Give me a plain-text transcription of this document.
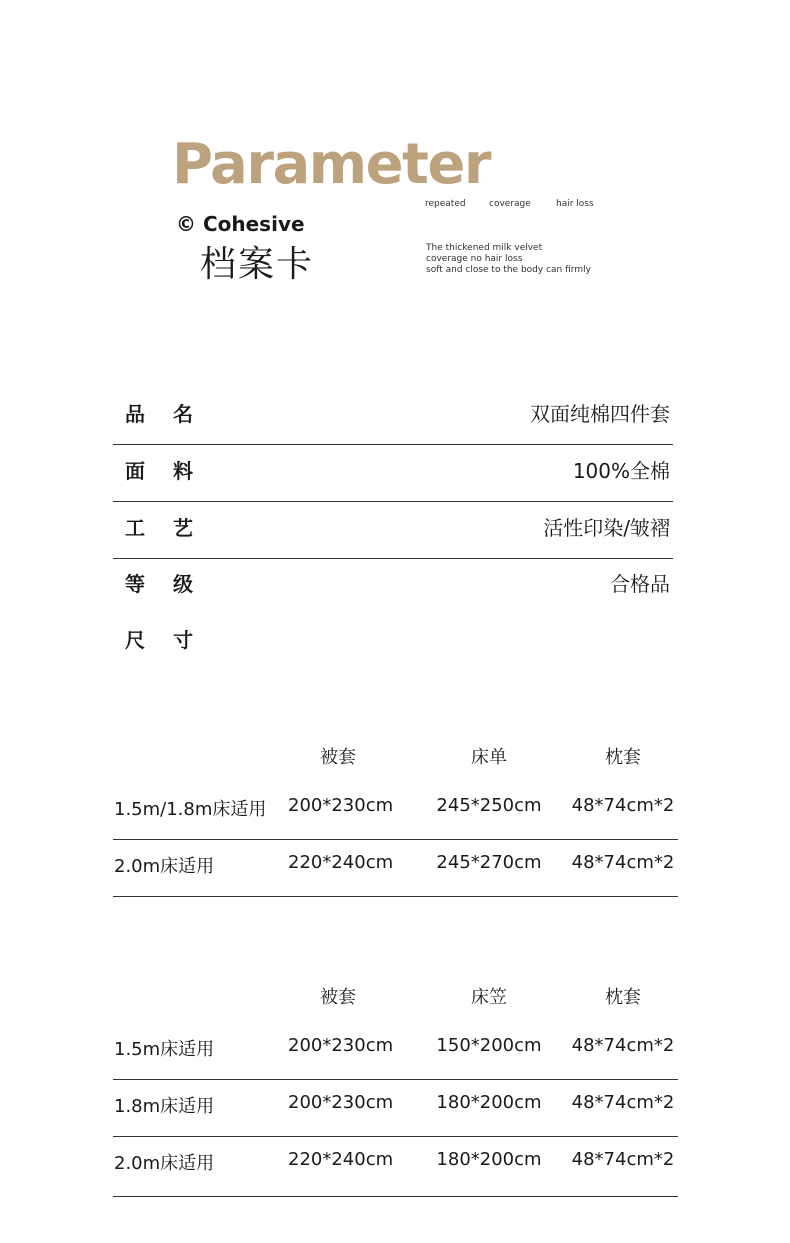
Parameter
© Cohesive
档案卡
repeated	coverage	hair loss
The thickened milk velvet
coverage no hair loss
soft and close to the body can firmly
品名	双面纯棉四件套
面料	100%全棉
工艺	活性印染/皱褶
等级	合格品
尺寸
被套	床单	枕套
1.5m/1.8m床适用 200*230cm 245*250cm 48*74cm*2
2.0m床适用	220*240cm 245*270cm 48*74cm*2
被套	床笠	枕套
1.5m床适用	200*230cm 150*200cm 48*74cm*2
1.8m床适用	200*230cm 180*200cm 48*74cm*2
2.0m床适用	220*240cm 180*200cm 48*74cm*2
